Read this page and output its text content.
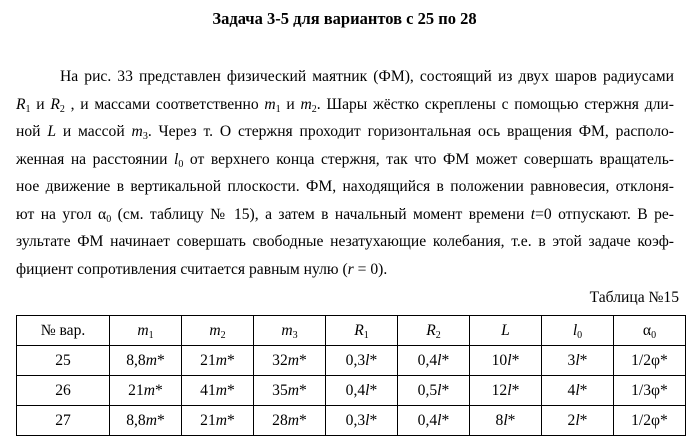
Задача 3-5 для вариантов с 25 по 28
На рис. 33 представлен физический маятник (ФМ), состоящий из двух шаров радиусами
$R_1$ и $R_2$ , и массами соответственно $m_1$ и $m_2$. Шары жёстко скреплены с помощью стержня дли-
ной L и массой $m_3$. Через т. О стержня проходит горизонтальная ось вращения ФМ, располо-
женная на расстоянии $l_0$ от верхнего конца стержня, так что ФМ может совершать вращатель-
ное движение в вертикальной плоскости. ФМ, находящийся в положении равновесия, отклоня-
ют на угол $\alpha_0$ (см. таблицу № 15), а затем в начальный момент времени t=0 отпускают. В ре-
зультате ФМ начинает совершать свободные незатухающие колебания, т.е. в этой задаче коэф-
фициент сопротивления считается равным нулю (r = 0).
Таблица №15
№ вар.	$m_1$	$m_2$	$m_3$	$R_1$	$R_2$	L	$l_0$	$\alpha_0$
25	8,8m*	21m*	32m*	0,3l*	0,4l*	10l*	3l*	1/2φ*
26	21m*	41m*	35m*	0,4l*	0,5l*	12l*	4l*	1/3φ*
27	8,8m*	21m*	28m*	0,3l*	0,4l*	8l*	2l*	1/2φ*
